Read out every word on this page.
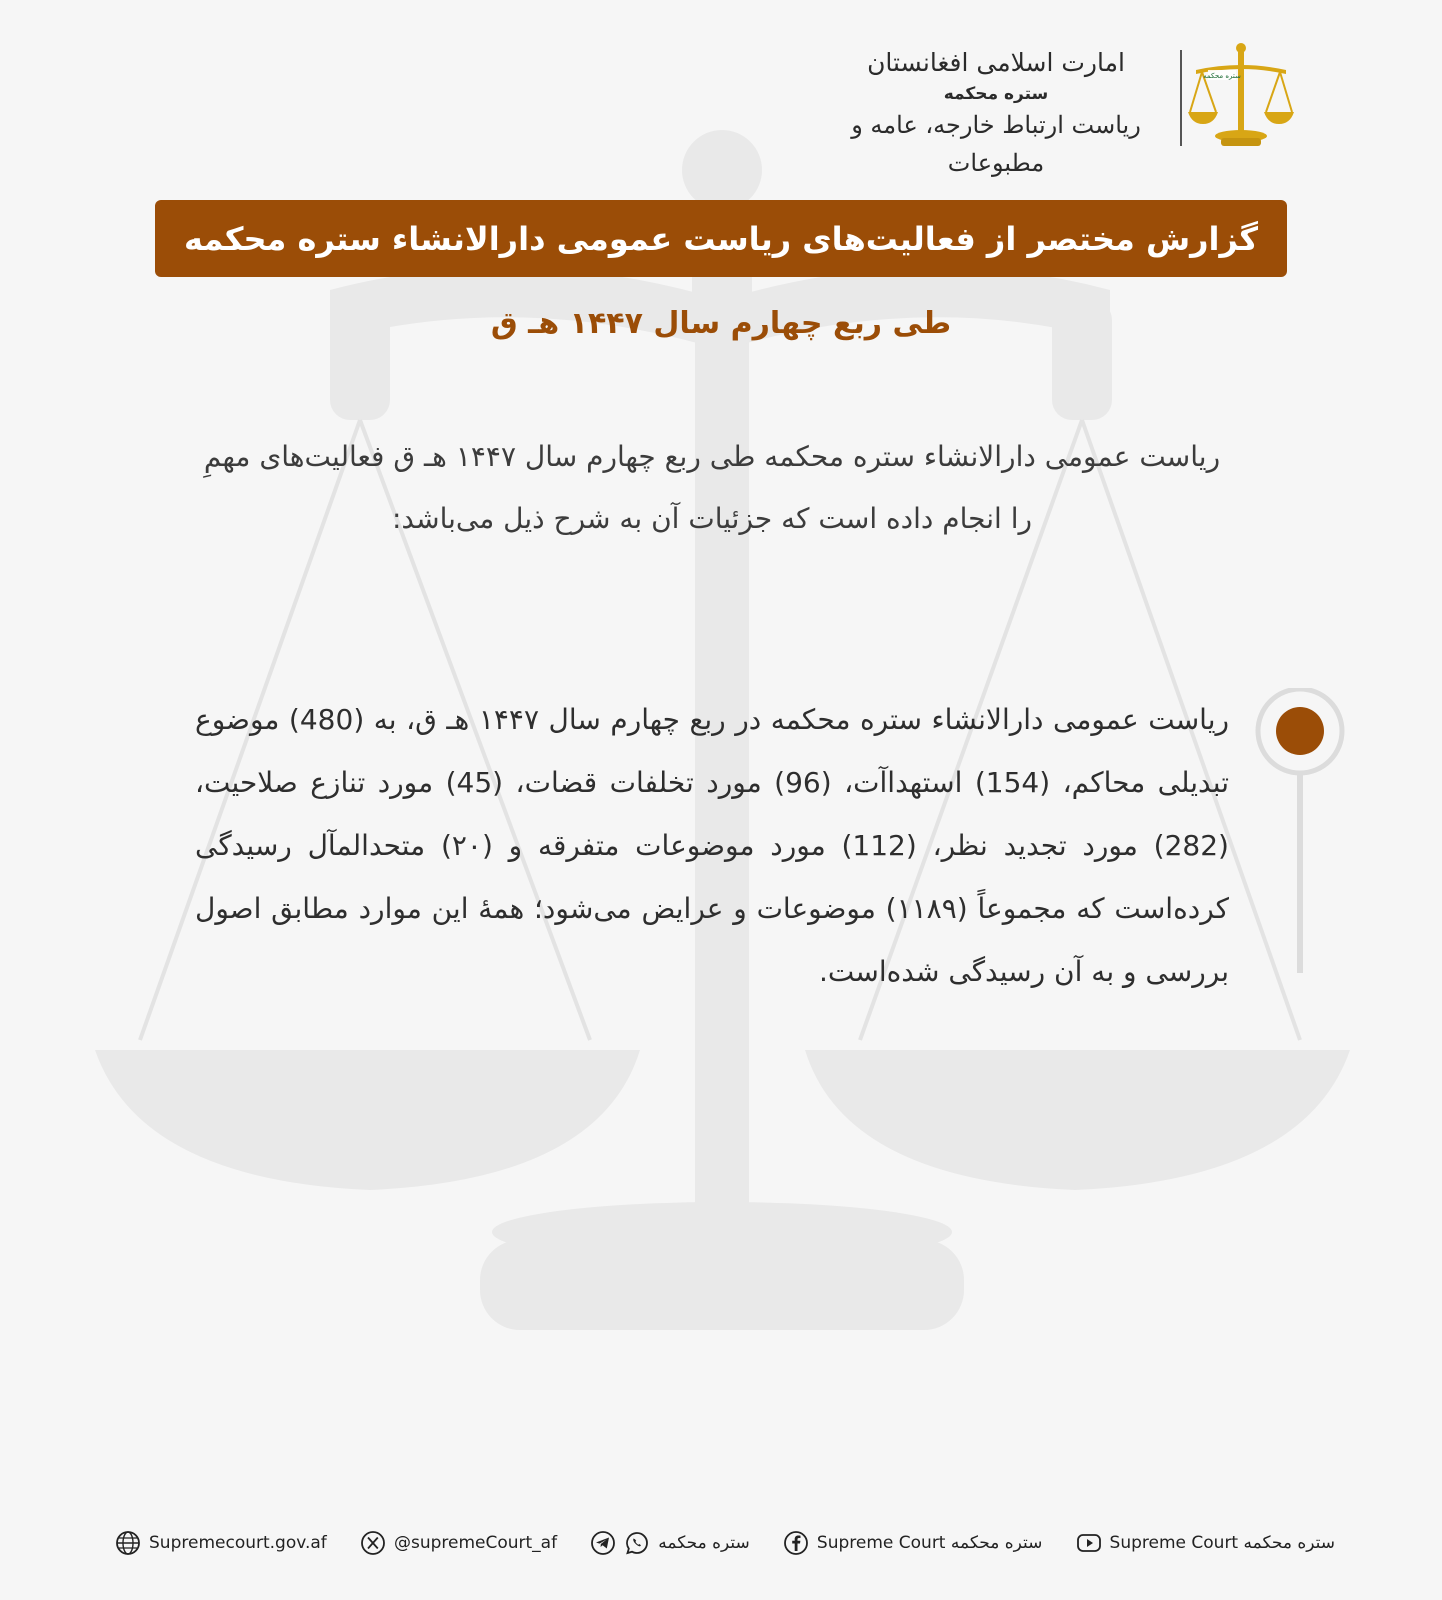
امارت اسلامی افغانستان

ستره محکمه

ریاست ارتباط خارجه، عامه و مطبوعات

ستره محکمه
گزارش مختصر از فعالیت‌های ریاست عمومی دارالانشاء ستره محکمه
طی ربع چهارم سال ۱۴۴۷ هـ ق
ریاست عمومی دارالانشاء ستره محکمه طی ربع چهارم سال ۱۴۴۷ هـ ق فعالیت‌های مهمِ را انجام داده است که جزئیات آن به شرح ذیل می‌باشد:
ریاست عمومی دارالانشاء ستره محکمه در ربع چهارم سال ۱۴۴۷ هـ ق، به (480) موضوع تبدیلی محاکم، (154) استهداآت، (96) مورد تخلفات قضات، (45) مورد تنازع صلاحیت، (282) مورد تجدید نظر، (112) مورد موضوعات متفرقه و (۲۰) متحدالمآل رسیدگی کرده‌است که مجموعاً (۱۱۸۹) موضوعات و عرایض می‌شود؛ همهٔ این موارد مطابق اصول بررسی و به آن رسیدگی شده‌است.
ستره محکمه Supreme Court
ستره محکمه Supreme Court
ستره محکمه
@supremeCourt_af
Supremecourt.gov.af
